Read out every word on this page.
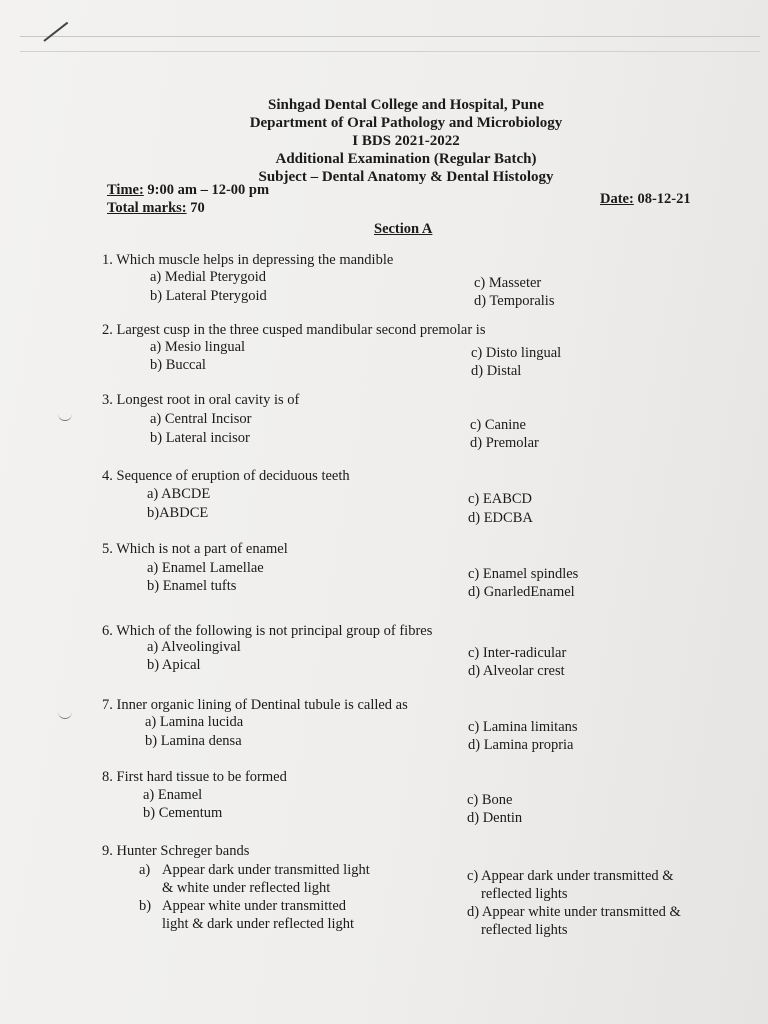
Sinhgad Dental College and Hospital, Pune
Department of Oral Pathology and Microbiology
I BDS 2021-2022
Additional Examination (Regular Batch)
Subject – Dental Anatomy & Dental Histology
Time: 9:00 am – 12-00 pm
Total marks: 70
Date: 08-12-21
Section A
1. Which muscle helps in depressing the mandible
a) Medial Pterygoid
b) Lateral Pterygoid
c) Masseter
d) Temporalis
2. Largest cusp in the three cusped mandibular second premolar is
a) Mesio lingual
b) Buccal
c) Disto lingual
d) Distal
3. Longest root in oral cavity is of
a) Central Incisor
b) Lateral incisor
c) Canine
d) Premolar
4. Sequence of eruption of deciduous teeth
a) ABCDE
b)ABDCE
c) EABCD
d) EDCBA
5. Which is not a part of enamel
a) Enamel Lamellae
b) Enamel tufts
c) Enamel spindles
d) GnarledEnamel
6. Which of the following is not principal group of fibres
a) Alveolingival
b) Apical
c) Inter-radicular
d) Alveolar crest
7. Inner organic lining of Dentinal tubule is called as
a) Lamina lucida
b) Lamina densa
c) Lamina limitans
d) Lamina propria
8. First hard tissue to be formed
a) Enamel
b) Cementum
c) Bone
d) Dentin
9. Hunter Schreger bands
a) Appear dark under transmitted light
& white under reflected light
b) Appear white under transmitted
light & dark under reflected light
c) Appear dark under transmitted &
reflected lights
d) Appear white under transmitted &
reflected lights
